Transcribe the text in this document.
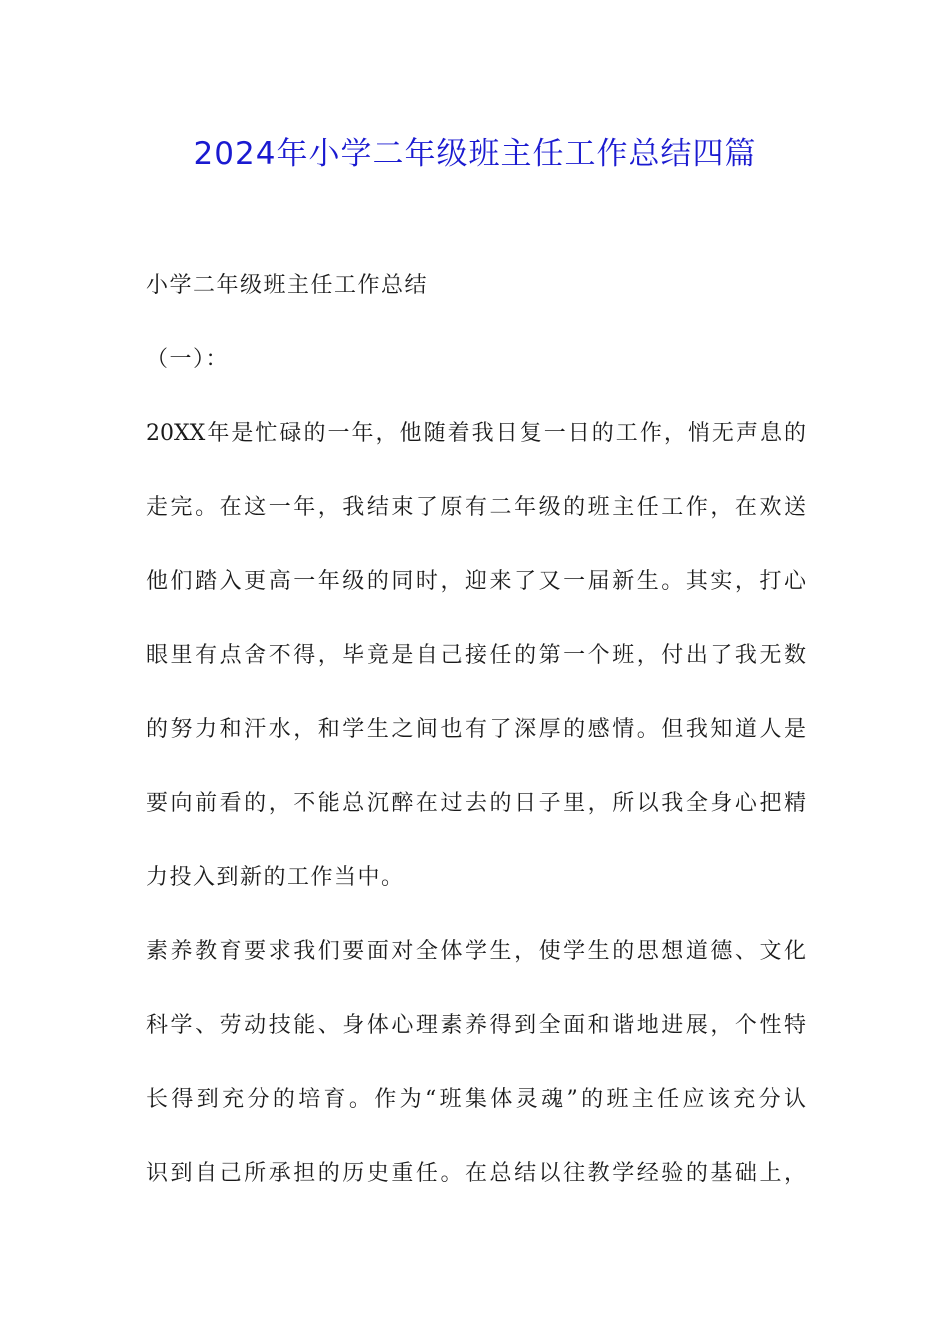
2024年小学二年级班主任工作总结四篇
小学二年级班主任工作总结
（一）：
20XX年是忙碌的一年，他随着我日复一日的工作，悄无声息的
走完。在这一年，我结束了原有二年级的班主任工作，在欢送
他们踏入更高一年级的同时，迎来了又一届新生。其实，打心
眼里有点舍不得，毕竟是自己接任的第一个班，付出了我无数
的努力和汗水，和学生之间也有了深厚的感情。但我知道人是
要向前看的，不能总沉醉在过去的日子里，所以我全身心把精
力投入到新的工作当中。
素养教育要求我们要面对全体学生，使学生的思想道德、文化
科学、劳动技能、身体心理素养得到全面和谐地进展，个性特
长得到充分的培育。作为“班集体灵魂”的班主任应该充分认
识到自己所承担的历史重任。在总结以往教学经验的基础上，
